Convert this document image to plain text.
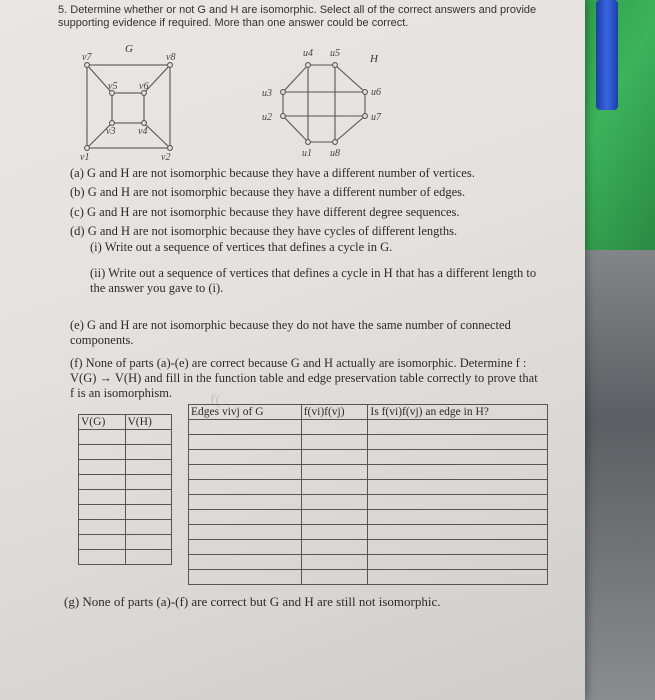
5. Determine whether or not G and H are isomorphic. Select all of the correct answers and provide supporting evidence if required. More than one answer could be correct.
G
v7	v8
v5 v6
v3 v4
v1	v2
H
u4 u5
u6
u7
u1 u8
u2
u3
(a) G and H are not isomorphic because they have a different number of vertices.
(b) G and H are not isomorphic because they have a different number of edges.
(c) G and H are not isomorphic because they have different degree sequences.
(d) G and H are not isomorphic because they have cycles of different lengths.
(i) Write out a sequence of vertices that defines a cycle in G.
(ii) Write out a sequence of vertices that defines a cycle in H that has a different length to the answer you gave to (i).
(e) G and H are not isomorphic because they do not have the same number of connected components.
(f) None of parts (a)-(e) are correct because G and H actually are isomorphic. Determine f : V(G) → V(H) and fill in the function table and edge preservation table correctly to prove that f is an isomorphism.	f(
V(G)	V(H)

Edges vivj of G	f(vi)f(vj)	Is f(vi)f(vj) an edge in H?

(g) None of parts (a)-(f) are correct but G and H are still not isomorphic.
